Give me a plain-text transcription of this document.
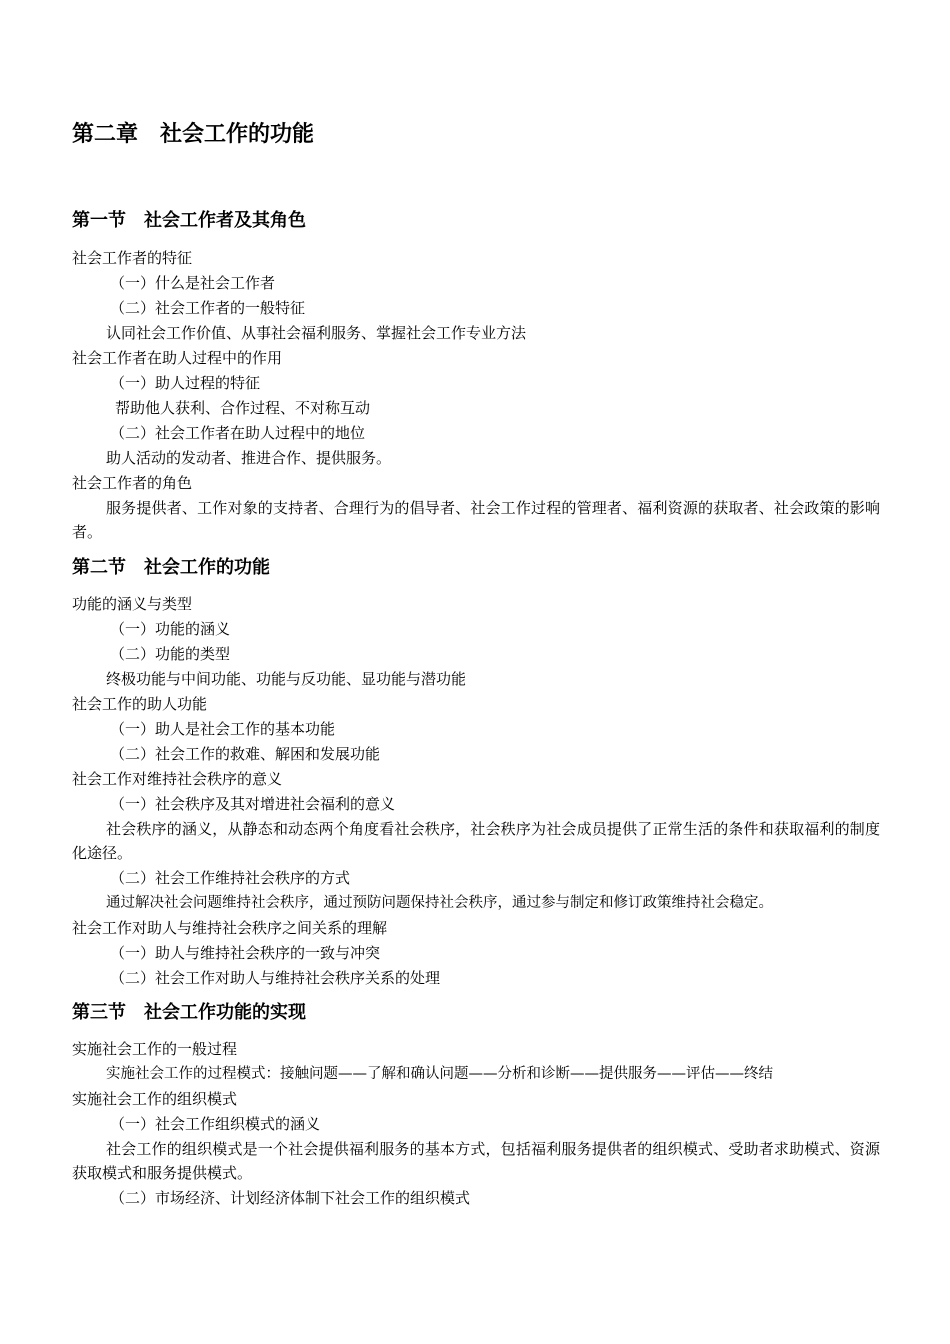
第二章　社会工作的功能
第一节　社会工作者及其角色

社会工作者的特征

（一）什么是社会工作者

（二）社会工作者的一般特征

认同社会工作价值、从事社会福利服务、掌握社会工作专业方法

社会工作者在助人过程中的作用

（一）助人过程的特征

帮助他人获利、合作过程、不对称互动

（二）社会工作者在助人过程中的地位

助人活动的发动者、推进合作、提供服务。

社会工作者的角色

服务提供者、工作对象的支持者、合理行为的倡导者、社会工作过程的管理者、福利资源的获取者、社会政策的影响者。

第二节　社会工作的功能

功能的涵义与类型

（一）功能的涵义

（二）功能的类型

终极功能与中间功能、功能与反功能、显功能与潜功能

社会工作的助人功能

（一）助人是社会工作的基本功能

（二）社会工作的救难、解困和发展功能

社会工作对维持社会秩序的意义

（一）社会秩序及其对增进社会福利的意义

社会秩序的涵义，从静态和动态两个角度看社会秩序，社会秩序为社会成员提供了正常生活的条件和获取福利的制度化途径。

（二）社会工作维持社会秩序的方式

通过解决社会问题维持社会秩序，通过预防问题保持社会秩序，通过参与制定和修订政策维持社会稳定。

社会工作对助人与维持社会秩序之间关系的理解

（一）助人与维持社会秩序的一致与冲突

（二）社会工作对助人与维持社会秩序关系的处理

第三节　社会工作功能的实现

实施社会工作的一般过程

实施社会工作的过程模式：接触问题——了解和确认问题——分析和诊断——提供服务——评估——终结

实施社会工作的组织模式

（一）社会工作组织模式的涵义

社会工作的组织模式是一个社会提供福利服务的基本方式，包括福利服务提供者的组织模式、受助者求助模式、资源获取模式和服务提供模式。

（二）市场经济、计划经济体制下社会工作的组织模式
